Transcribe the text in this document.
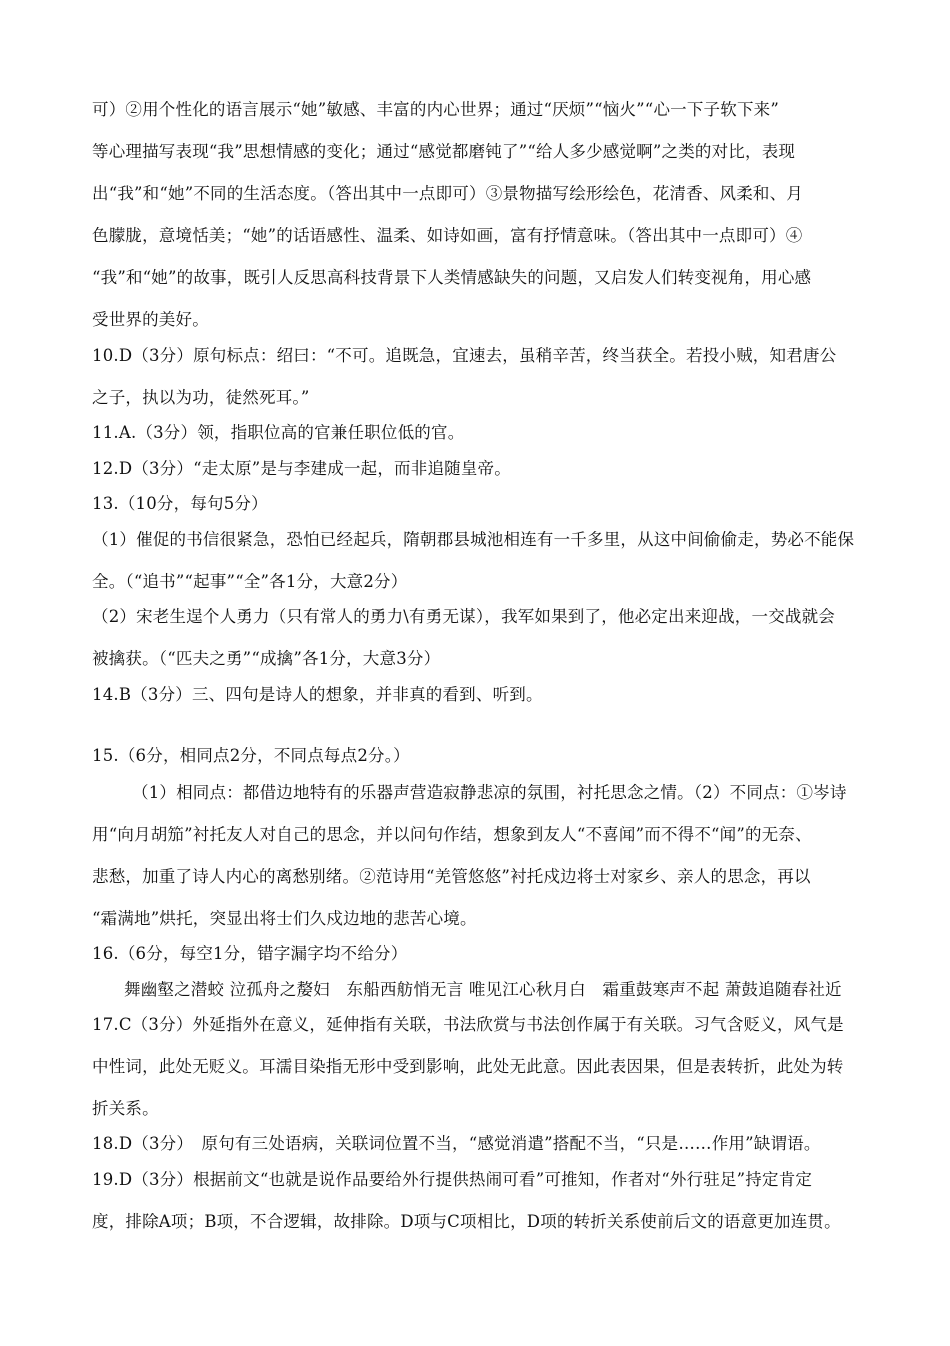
可）②用个性化的语言展示“她”敏感、丰富的内心世界；通过“厌烦”“恼火”“心一下子软下来”
等心理描写表现“我”思想情感的变化；通过“感觉都磨钝了”“给人多少感觉啊”之类的对比，表现
出“我”和“她”不同的生活态度。（答出其中一点即可）③景物描写绘形绘色，花清香、风柔和、月
色朦胧，意境恬美；“她”的话语感性、温柔、如诗如画，富有抒情意味。（答出其中一点即可）④
“我”和“她”的故事，既引人反思高科技背景下人类情感缺失的问题，又启发人们转变视角，用心感
受世界的美好。
10.D（3分）原句标点：绍曰：“不可。追既急，宜速去，虽稍辛苦，终当获全。若投小贼，知君唐公
之子，执以为功，徒然死耳。”
11.A.（3分）领，指职位高的官兼任职位低的官。
12.D（3分）“走太原”是与李建成一起，而非追随皇帝。
13.（10分，每句5分）
（1）催促的书信很紧急，恐怕已经起兵，隋朝郡县城池相连有一千多里，从这中间偷偷走，势必不能保
全。（“追书”“起事”“全”各1分，大意2分）
（2）宋老生逞个人勇力（只有常人的勇力\有勇无谋），我军如果到了，他必定出来迎战，一交战就会
被擒获。（“匹夫之勇”“成擒”各1分，大意3分）
14.B（3分）三、四句是诗人的想象，并非真的看到、听到。
15.（6分，相同点2分，不同点每点2分。）
（1）相同点：都借边地特有的乐器声营造寂静悲凉的氛围，衬托思念之情。（2）不同点：①岑诗
用“向月胡笳”衬托友人对自己的思念，并以问句作结，想象到友人“不喜闻”而不得不“闻”的无奈、
悲愁，加重了诗人内心的离愁别绪。②范诗用“羌管悠悠”衬托戍边将士对家乡、亲人的思念，再以
“霜满地”烘托，突显出将士们久戍边地的悲苦心境。
16.（6分，每空1分，错字漏字均不给分）
舞幽壑之潜蛟 泣孤舟之嫠妇　东船西舫悄无言 唯见江心秋月白　霜重鼓寒声不起 萧鼓追随春社近
17.C（3分）外延指外在意义，延伸指有关联，书法欣赏与书法创作属于有关联。习气含贬义，风气是
中性词，此处无贬义。耳濡目染指无形中受到影响，此处无此意。因此表因果，但是表转折，此处为转
折关系。
18.D（3分）　原句有三处语病，关联词位置不当，“感觉消遣”搭配不当，“只是……作用”缺谓语。
19.D（3分）根据前文“也就是说作品要给外行提供热闹可看”可推知，作者对“外行驻足”持定肯定
度，排除A项；B项，不合逻辑，故排除。D项与C项相比，D项的转折关系使前后文的语意更加连贯。
